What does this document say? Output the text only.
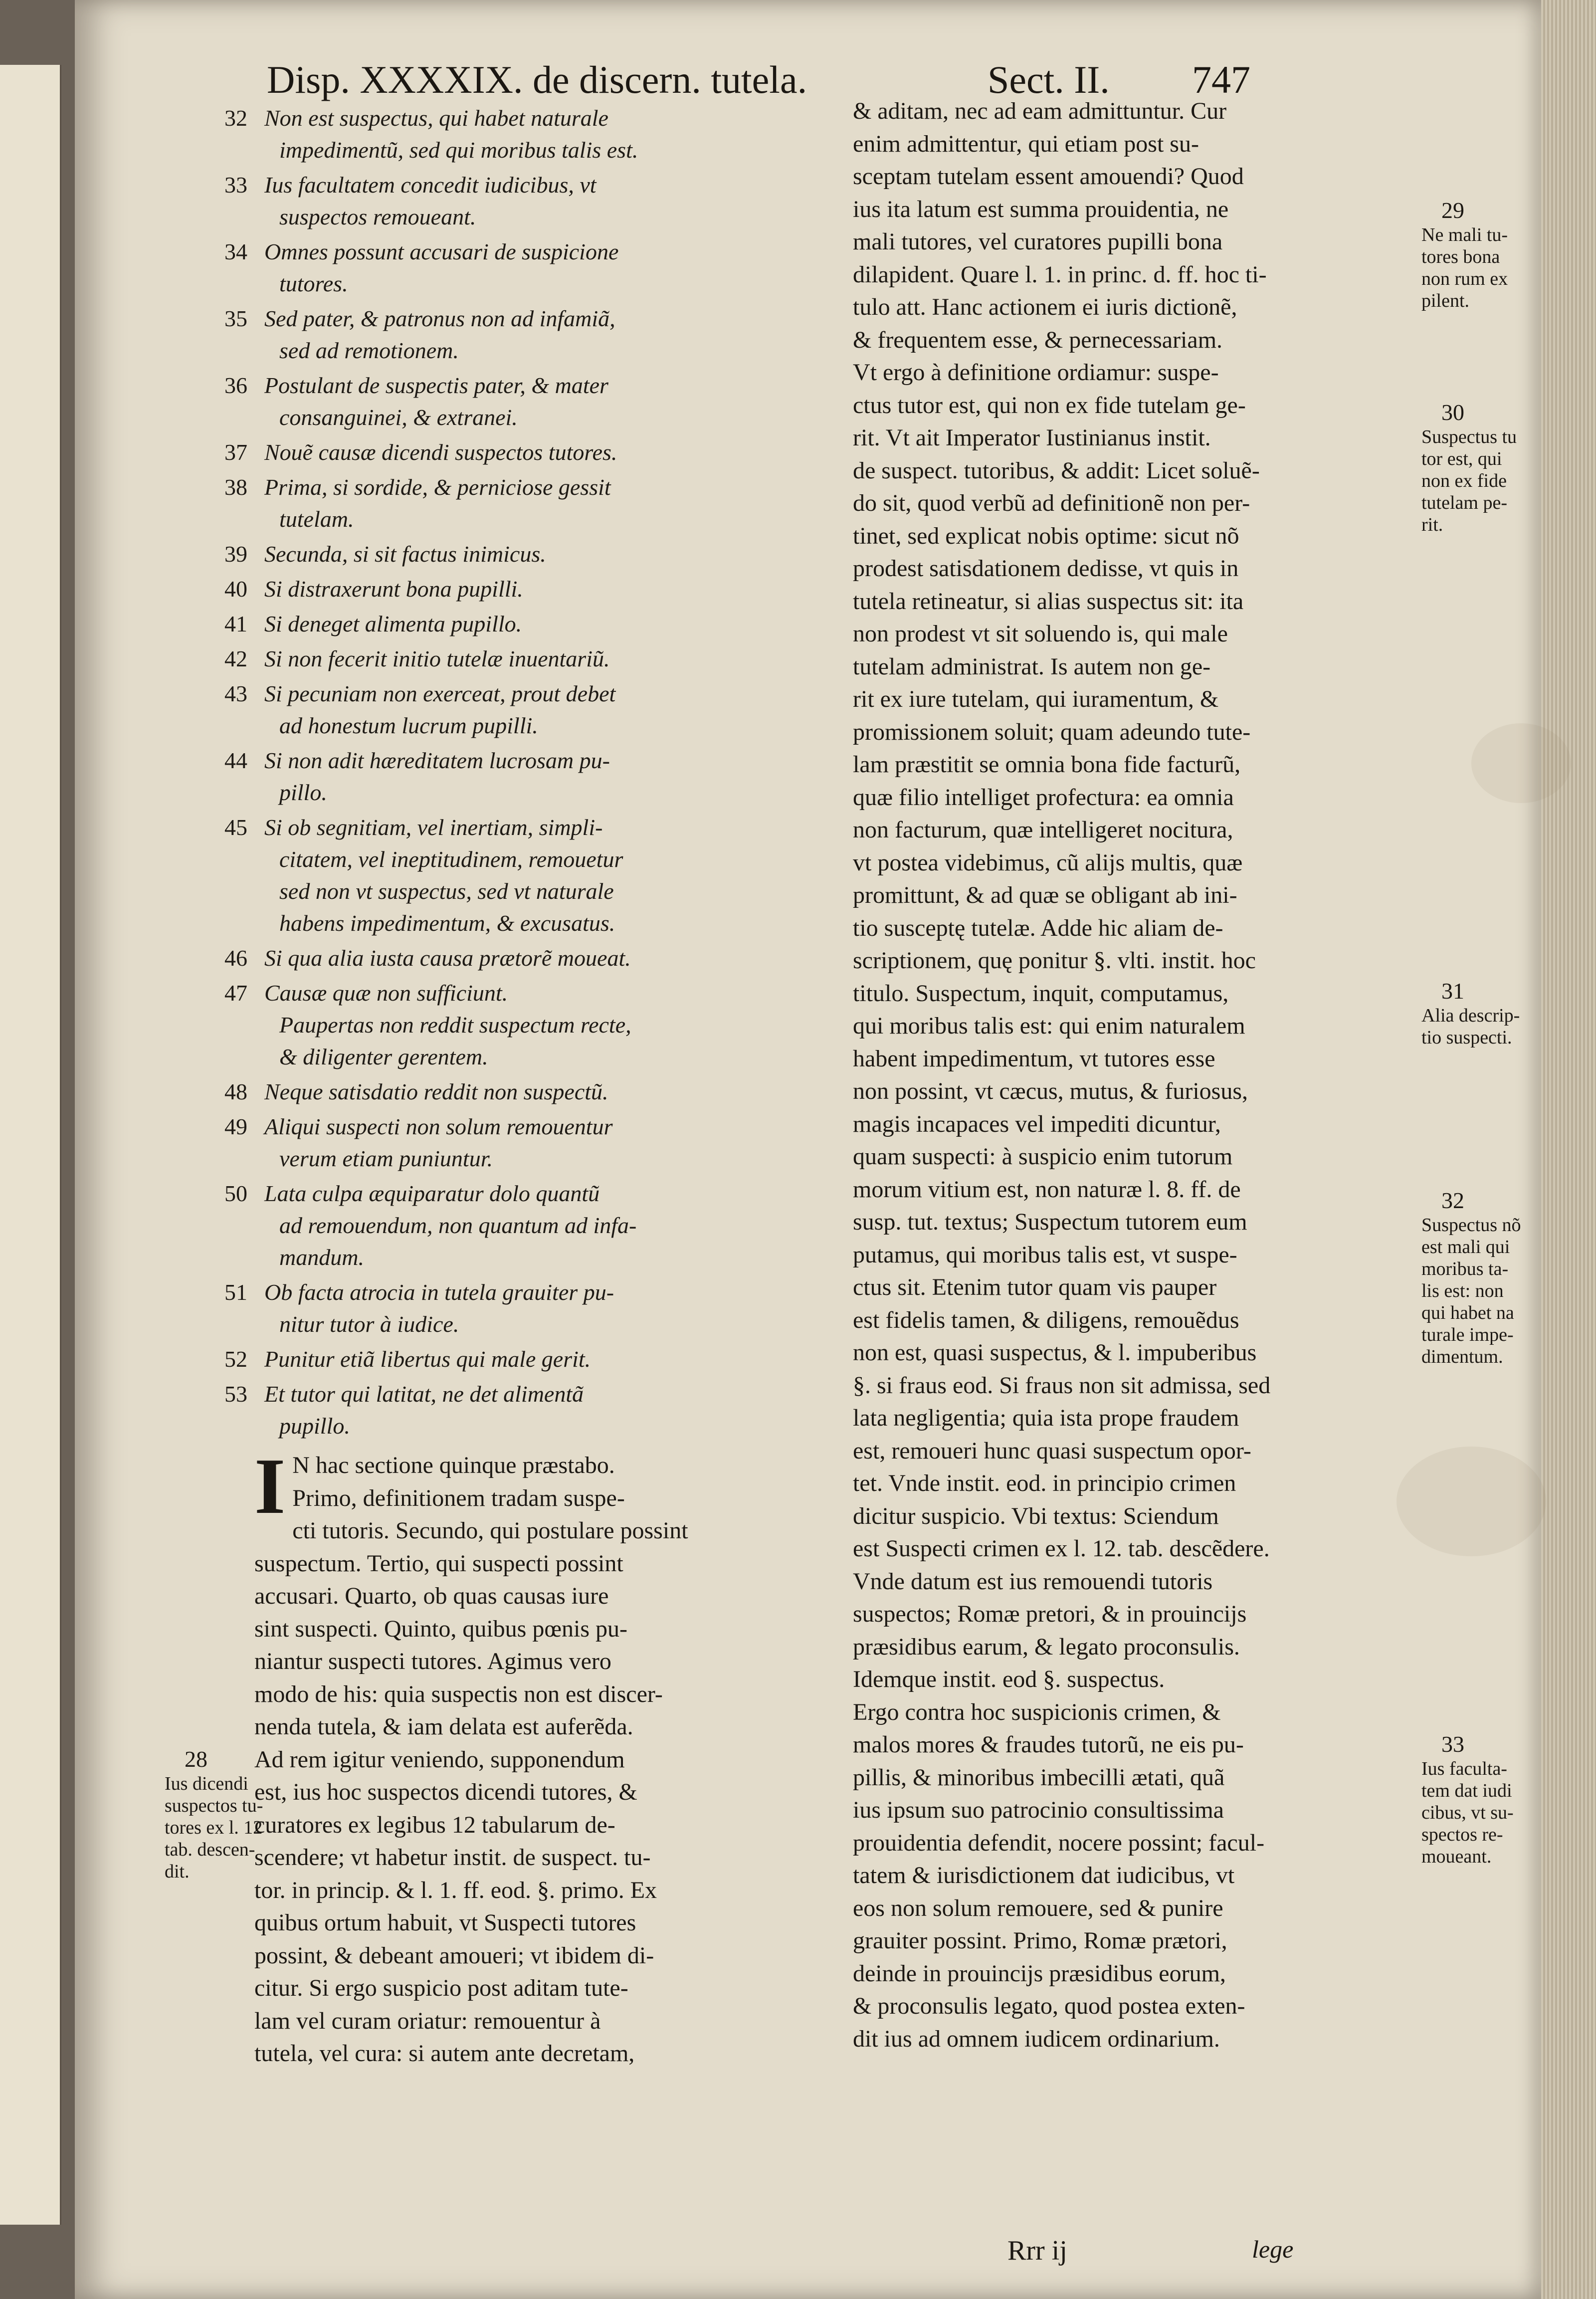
Disp. XXXXIX. de discern. tutela.	Sect. II. 747
32 Non est suspectus, qui habet naturale
impedimentũ, sed qui moribus talis est.
33 Ius facultatem concedit iudicibus, vt
suspectos remoueant.
34 Omnes possunt accusari de suspicione
tutores.
35 Sed pater, & patronus non ad infamiã,
sed ad remotionem.
36 Postulant de suspectis pater, & mater
consanguinei, & extranei.
37 Nouẽ causæ dicendi suspectos tutores.
38 Prima, si sordide, & perniciose gessit
tutelam.
39 Secunda, si sit factus inimicus.
40 Si distraxerunt bona pupilli.
41 Si deneget alimenta pupillo.
42 Si non fecerit initio tutelæ inuentariũ.
43 Si pecuniam non exerceat, prout debet
ad honestum lucrum pupilli.
44 Si non adit hæreditatem lucrosam pu-
pillo.
45 Si ob segnitiam, vel inertiam, simpli-
citatem, vel ineptitudinem, remouetur
sed non vt suspectus, sed vt naturale
habens impedimentum, & excusatus.
46 Si qua alia iusta causa prætorẽ moueat.
47 Causæ quæ non sufficiunt.
Paupertas non reddit suspectum recte,
& diligenter gerentem.
48 Neque satisdatio reddit non suspectũ.
49 Aliqui suspecti non solum remouentur
verum etiam puniuntur.
50 Lata culpa æquiparatur dolo quantũ
ad remouendum, non quantum ad infa-
mandum.
51 Ob facta atrocia in tutela grauiter pu-
nitur tutor à iudice.
52 Punitur etiã libertus qui male gerit.
53 Et tutor qui latitat, ne det alimentã
pupillo.
I N hac sectione quinque præstabo.
Primo, definitionem tradam suspe-
cti tutoris. Secundo, qui postulare possint
suspectum. Tertio, qui suspecti possint
accusari. Quarto, ob quas causas iure
sint suspecti. Quinto, quibus pœnis pu-
niantur suspecti tutores. Agimus vero
modo de his: quia suspectis non est discer-
nenda tutela, & iam delata est auferẽda.
Ad rem igitur veniendo, supponendum
est, ius hoc suspectos dicendi tutores, &
curatores ex legibus 12 tabularum de-
scendere; vt habetur instit. de suspect. tu-
tor. in princip. & l. 1. ff. eod. §. primo. Ex
quibus ortum habuit, vt Suspecti tutores
possint, & debeant amoueri; vt ibidem di-
citur. Si ergo suspicio post aditam tute-
lam vel curam oriatur: remouentur à
tutela, vel cura: si autem ante decretam,
& aditam, nec ad eam admittuntur. Cur
enim admittentur, qui etiam post su-
sceptam tutelam essent amouendi? Quod
ius ita latum est summa prouidentia, ne
mali tutores, vel curatores pupilli bona
dilapident. Quare l. 1. in princ. d. ff. hoc ti-
tulo att. Hanc actionem ei iuris dictionẽ,
& frequentem esse, & pernecessariam.
Vt ergo à definitione ordiamur: suspe-
ctus tutor est, qui non ex fide tutelam ge-
rit. Vt ait Imperator Iustinianus instit.
de suspect. tutoribus, & addit: Licet soluẽ-
do sit, quod verbũ ad definitionẽ non per-
tinet, sed explicat nobis optime: sicut nõ
prodest satisdationem dedisse, vt quis in
tutela retineatur, si alias suspectus sit: ita
non prodest vt sit soluendo is, qui male
tutelam administrat. Is autem non ge-
rit ex iure tutelam, qui iuramentum, &
promissionem soluit; quam adeundo tute-
lam præstitit se omnia bona fide facturũ,
quæ filio intelliget profectura: ea omnia
non facturum, quæ intelligeret nocitura,
vt postea videbimus, cũ alijs multis, quæ
promittunt, & ad quæ se obligant ab ini-
tio susceptę tutelæ. Adde hic aliam de-
scriptionem, quę ponitur §. vlti. instit. hoc
titulo. Suspectum, inquit, computamus,
qui moribus talis est: qui enim naturalem
habent impedimentum, vt tutores esse
non possint, vt cæcus, mutus, & furiosus,
magis incapaces vel impediti dicuntur,
quam suspecti: à suspicio enim tutorum
morum vitium est, non naturæ l. 8. ff. de
susp. tut. textus; Suspectum tutorem eum
putamus, qui moribus talis est, vt suspe-
ctus sit. Etenim tutor quam vis pauper
est fidelis tamen, & diligens, remouẽdus
non est, quasi suspectus, & l. impuberibus
§. si fraus eod. Si fraus non sit admissa, sed
lata negligentia; quia ista prope fraudem
est, remoueri hunc quasi suspectum opor-
tet. Vnde instit. eod. in principio crimen
dicitur suspicio. Vbi textus: Sciendum
est Suspecti crimen ex l. 12. tab. descẽdere.
Vnde datum est ius remouendi tutoris
suspectos; Romæ pretori, & in prouincijs
præsidibus earum, & legato proconsulis.
Idemque instit. eod §. suspectus.
Ergo contra hoc suspicionis crimen, &
malos mores & fraudes tutorũ, ne eis pu-
pillis, & minoribus imbecilli ætati, quã
ius ipsum suo patrocinio consultissima
prouidentia defendit, nocere possint; facul-
tatem & iurisdictionem dat iudicibus, vt
eos non solum remouere, sed & punire
grauiter possint. Primo, Romæ prætori,
deinde in prouincijs præsidibus eorum,
& proconsulis legato, quod postea exten-
dit ius ad omnem iudicem ordinarium.
29
Ne mali tu-
tores bona
non rum ex
pilent.
30
Suspectus tu
tor est, qui
non ex fide
tutelam pe-
rit.
31
Alia descrip-
tio suspecti.
32
Suspectus nõ
est mali qui
moribus ta-
lis est: non
qui habet na
turale impe-
dimentum.
33
Ius faculta-
tem dat iudi
cibus, vt su-
spectos re-
moueant.
28
Ius dicendi
suspectos tu-
tores ex l. 12
tab. descen-
dit.
Rrr ij	lege
